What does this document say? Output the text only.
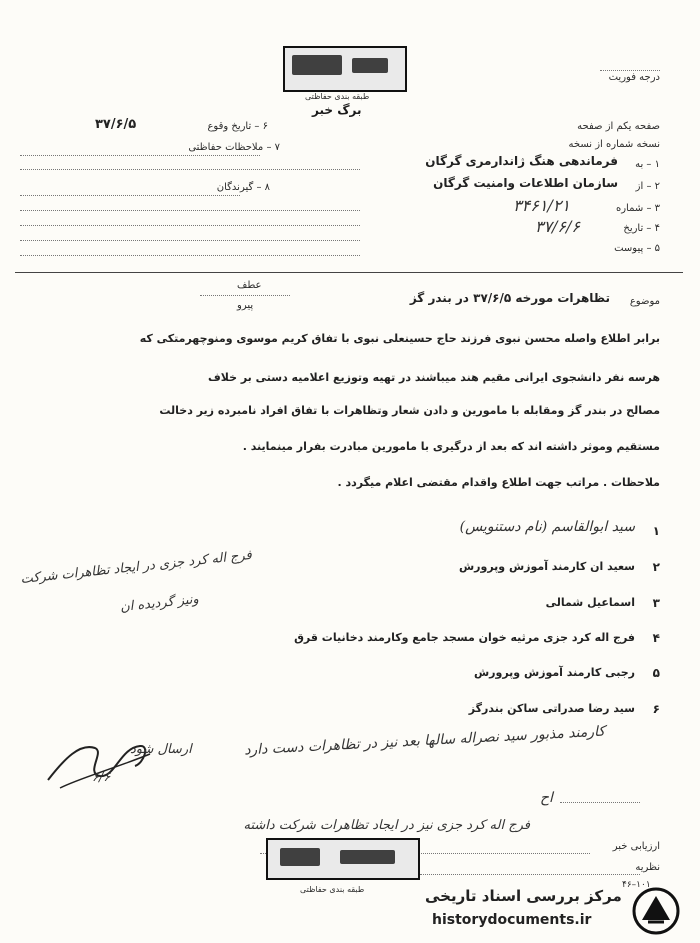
طبقه بندی حفاظتی
برگ خبر
درجه فوریت
۶ – تاریخ وقوع
۳۷/۶/۵
۷ – ملاحظات حفاظتی
۸ – گیرندگان
صفحه یکم از صفحه
نسخه شماره از نسخه
۱ – به
فرماندهی هنگ ژاندارمری گرگان
۲ – از
سازمان اطلاعات وامنیت گرگان
۳ – شماره
۳۴۶۱/۲۱
۴ – تاریخ
۳۷/۶/۶
۵ – پیوست
عطف
پیرو	موضوع
تظاهرات مورخه ۳۷/۶/۵ در بندر گز
برابر اطلاع واصله محسن نبوی فرزند حاج حسینعلی نبوی با تفاق کریم موسوی ومنوچهرمتکی که
هرسه نفر دانشجوی ایرانی مقیم هند میباشند در تهیه وتوزیع اعلامیه دستی بر خلاف
مصالح در بندر گز ومقابله با مامورین و دادن شعار وتظاهرات با تفاق افراد نامبرده زیر دخالت
مستقیم وموثر داشته اند که بعد از درگیری با مامورین مبادرت بفرار مینمایند .
ملاحظات . مراتب جهت اطلاع واقدام مقتضی اعلام میگردد .
۱
سید ابوالقاسم (نام دستنویس)
۲
سعید ان کارمند آموزش وپرورش
۳
اسماعیل شمالی
۴
فرج اله کرد جزی مرثیه خوان مسجد جامع وکارمند دخانیات قرق
۵
رجبی کارمند آموزش وپرورش
۶
سید رضا صدراتی ساکن بندرگز
فرج اله کرد جزی در ایجاد تظاهرات شرکت
ونیز گردیده ان
کارمند مذبور سید نصراله سالها بعد نیز در تظاهرات دست دارد
ارسال شود
۶/۶
اح
فرج اله کرد جزی نیز در ایجاد تظاهرات شرکت داشته
ارزیابی خبر
نظریه
۱۰۱–۴۶
طبقه بندی حفاظتی	مرکز بررسی اسناد تاریخی
historydocuments.ir
